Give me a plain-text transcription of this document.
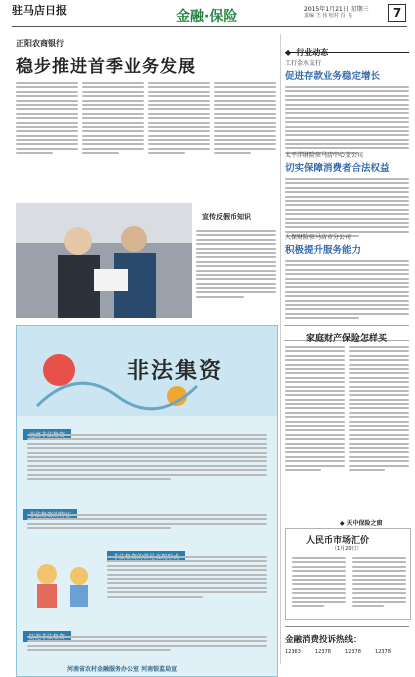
驻马店日报	金融·保险	2015年1月21日 星期三
责编 王 伟 校对 肖 飞	7
正阳农商银行
稳步推进首季业务发展
宣传反假币知识
◆ 行业动态
工行金水支行
促进存款业务稳定增长
太平洋財险驻马店中心支公司
切实保障消费者合法权益
人保财险驻马店市分公司
积极提升服务能力
非法集资
河南省农村金融服务办公室 河南银监局宣
家庭财产保险怎样买
◆ 天中保险之窗
人民币市场汇价
（1月20日）
金融消费投诉热线：
12363	12378	12378	12378
